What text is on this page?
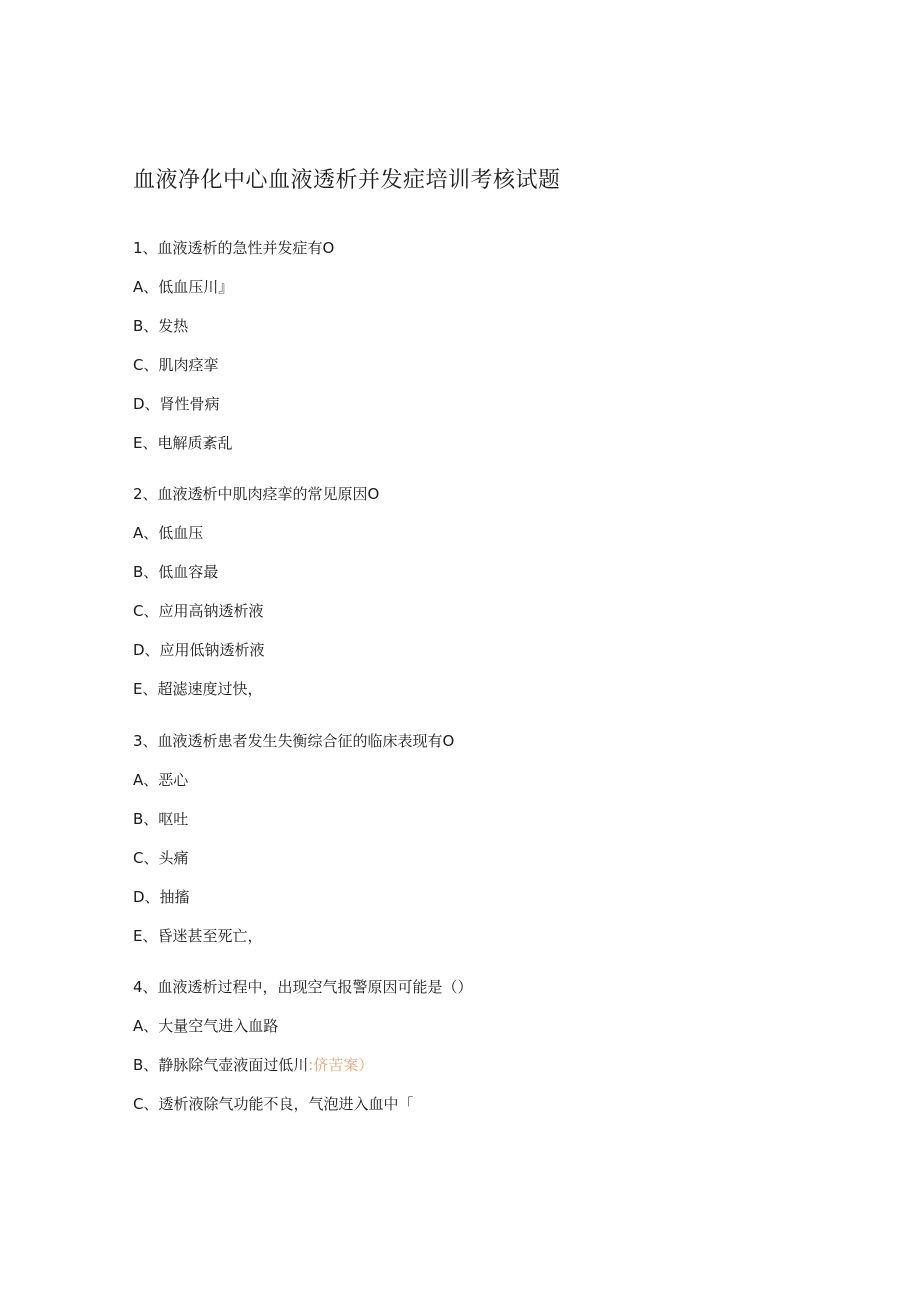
血液净化中心血液透析并发症培训考核试题
1、血液透析的急性并发症有O
A、低血压川』
B、发热
C、肌肉痉挛
D、肾性骨病
E、电解质紊乱
2、血液透析中肌肉痉挛的常见原因O
A、低血压
B、低血容最
C、应用高钠透析液
D、应用低钠透析液
E、超滤速度过快，
3、血液透析患者发生失衡综合征的临床表现有O
A、恶心
B、呕吐
C、头痛
D、抽搐
E、昏迷甚至死亡，
4、血液透析过程中，出现空气报警原因可能是（）
A、大量空气进入血路
B、静脉除气壶液面过低川:侪苦案）
C、透析液除气功能不良，气泡进入血中「
